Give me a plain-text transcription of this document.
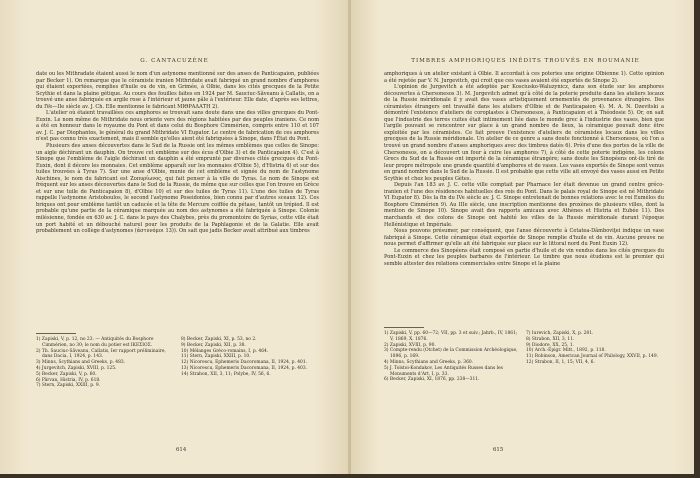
G. CANTACUZÈNE

date ou les Mithradate étaient aussi le nom d'un astynome mentionné sur des anses de Panticapaion, publiées par Becker 1). On remarque que le céramiste iranien Mithridate avait fabriqué un grand nombre d'amphores qui étaient exportées, remplies d'huile ou de vin, en Grimée, à Olbie, dans les cités grecques de la Petite Scythie et dans la plaine gétique. Au cours des fouilles faites en 1924 par M. Sauciuc-Săveanu à Callatis, on a trouvé une anse fabriquée en argile rose à l'intérieur et jaune pâle à l'extérieur. Elle date, d'après ses lettres, du IVe—IIe siècle av. J. Ch. Elle mentionne le fabricant ΜΙΘΡΑΔΑΤΗ 2).

L'atelier où étaient travaillées ces amphores se trouvait sans doute dans une des villes grecques du Pont-Euxin. Le nom même de Mithridate nous oriente vers des régions habitées par des peuples iraniens. Ce nom a été en honneur dans le royaume du Pont et dans celui du Bosphore Cimmérien, compris entre 110 et 107 av. J. C. par Diophantos, le général du grand Mithridate VI Eupator. Le centre de fabrication de ces amphores n'est pas connu très exactement, mais il semble qu'elles aient été fabriquées à Sinope, dans l'État du Pont.

Plusieurs des anses découvertes dans le Sud de la Russie ont les mêmes emblèmes que celles de Sinope: un aigle déchirant un dauphin. On trouve cet emblème sur des écus d'Olbie 3) et de Panticapaion 4). C'est à Sinope que l'emblème de l'aigle déchirant un dauphin a été emprunté par diverses cités grecques du Pont-Euxin, dont il décore les monnaies. Cet emblème apparaît sur les monnaies d'Olbie 5), d'Histria 6) et sur des tuiles trouvées à Tyras 7). Sur une anse d'Olbie, munie de cet emblème et signée du nom de l'astynome Aischines, le nom du fabricant est Ζοπυρίωνος, qui fait penser à la ville de Tyras. Le nom de Sinope est fréquent sur les anses découvertes dans le Sud de la Russie, de même que sur celles que l'on trouve en Grèce et sur une tuile de Panticapaion 8), d'Olbie 10) et sur des tuiles de Tyras 11). L'une des tuiles de Tyras rappelle l'astynome Aristoboulos, le second l'astynome Poseidonios, bien connu par d'autres sceaux 12). Ces briques ont pour emblème tantôt un caducée et la tête de Mercure coiffée du pétase, tantôt un trépied. Il est probable qu'une partie de la céramique marquée au nom des astynomes a été fabriquée à Sinope. Colonie milésienne, fondée en 630 av. J. C. dans le pays des Chalybes, près du promontoire de Syrias, cette ville était un port habité et un débouché naturel pour les produits de la Paphlagonie et de la Galatie. Elle avait probablement un collège d'astynomes (ἀστυνόμοι 13)). On sait que jadis Becker avait attribué aux timbres

1) Zapiski, V, p. 12, no 23. — Antiquités du Bosphore Cimmérien, no 30; le nom du potier est ΙΚΕΣΙΟΣ.
2) Th. Sauciuc-Săveanu, Callatis, Ier rapport préliminaire, dans Dacia, I, 1924, p. 143.
3) Minns, Scythians and Greeks, p. 483.
4) Jurgevitch, Zapiski, XVIII, p. 125.
5) Becker, Zapiski, V, p. 60.
6) Pârvan, Histria, IV, p. 618.
7) Stern, Zapiski, XXIII, p. 9.
8) Becker, Zapiski, XI, p. 53, no 2.
9) Becker, Zapiski, XII, p. 38.
10) Mélanges Gréco-romains, I, p. 464.
11) Stern, Zapiski, XXIII, p. 10.
12) Nicorescu, Ephemeris Dacoromana, II, 1924, p. 401.
13) Nicorescu, Ephemeris Dacoromana, II, 1924, p. 403.
14) Strabon, XII, 3, 11; Polybe, IV, 56, 6.
614
TIMBRES AMPHORIQUES INÉDITS TROUVÉS EN ROUMANIE

amphoriques à un atelier existant à Olbie. Il accordait à ces poteries une origine Olbienne 1). Cette opinion a été rejetée par V. N. Jurgevitch, qui croit que ces vases avaient été exportés de Sinope 2).

L'opinion de Jurgevitch a été adoptée par Kosciusko-Waluzynicz, dans son étude sur les amphores découvertes à Chersonesos 3). M. Jurgevitch admet qu'à côté de la poterie produite dans les ateliers locaux de la Russie méridionale il y avait des vases artistiquement ornementés de provenance étrangère. Des céramistes étrangers ont travaillé dans les ateliers d'Olbie et de Panticapaion 4). M. A. N. Dzevitski a démontré l'existence d'ateliers de coroplastes à Chersonesos, à Panticapaion et à Théodosie 5). Or, on sait que l'industrie des terres cuites était intimement liée dans le monde grec à l'industrie des vases, bien que l'argile pouvant se rencontrer sur place à un grand nombre de lieux, la céramique pouvait donc être exploitée par les céramistes. Ce fait prouve l'existence d'ateliers de céramistes locaux dans les villes grecques de la Russie méridionale. Un atelier de ce genre a sans doute fonctionné à Chersonesos, où l'on a trouvé un grand nombre d'anses amphoriques avec des timbres datés 6). Près d'une des portes de la ville de Chersonesos, on a découvert un four à cuire les amphores 7), à côté de cette poterie indigène, les colons Grecs du Sud de la Russie ont importé de la céramique étrangère; sans doute les Sinopéens ont-ils tiré de leur propre métropole une grande quantité d'amphores et de vases. Les vases exportés de Sinope sont venus en grand nombre dans le Sud de la Russie. Il est probable que cette ville ait envoyé des vases aussi en Petite Scythie et chez les peuples Gètes.

Depuis l'an 183 av. J. C. cette ville comptait par Pharnace Ier était devenue un grand centre gréco-iranien et l'une des résidences habituelles des rois du Pont. Dans le palais royal de Sinope est né Mithridate VI Eupator 8). Dès la fin du IVe siècle av. J. C. Sinope entretenait de bonnes relations avec le roi Eumélos du Bosphore Cimmérien 9). Au IIIe siècle, une inscription mentionne des proxènes de plusieurs villes, dont la mention de Sinope 10). Sinope avait des rapports amicaux avec Athènes et Histria et Eubée 11). Des marchands et des colons de Sinope ont habité les villes de la Russie méridionale durant l'époque Hellénistique et Impériale.

Nous pouvons présumer, par conséquent, que l'anse découverte à Cetatea-Dâmboviţei indique un vase fabriqué à Sinope. Cette céramique était exportée de Sinope remplie d'huile et de vin. Aucune preuve ne nous permet d'affirmer qu'elle ait été fabriquée sur place sur le littoral nord du Pont Euxin 12).

Le commerce des Sinopéens était composé en partie d'huile et de vin vendus dans les cités grecques du Pont-Euxin et chez les peuples barbares de l'intérieur. Le timbre que nous étudions est le premier qui semble attester des relations commerciales entre Sinope et la plaine

1) Zapiski, V, pp. 60—72; VII, pp. 3 et suiv.; Jahrb., IV, 1861; V, 1869, X, 1876.
2) Zapiski, XVIII, p. 90.
3) Compte-rendu (Otchet) de la Commission Archéologique, 1896, p. 169.
4) Minns, Scythians and Greeks, p. 360.
5) J. Tolstoi-Kondakov, Les Antiquités Russes dans les Monuments d'Art, I, p. 33.
6) Becker, Zapiski, XI, 1876, pp. 238—311.
7) Iurevich, Zapiski, X, p. 281.
8) Strabon, XII, 3, 11.
9) Diodore, XX, 25, 1.
10) Arch.-Epigr. Mitt., 1892, p. 118.
11) Robinson, American Journal of Philology, XXVII, p. 149.
12) Strabon, II, 1, 15; VII, 4, 6.
615
